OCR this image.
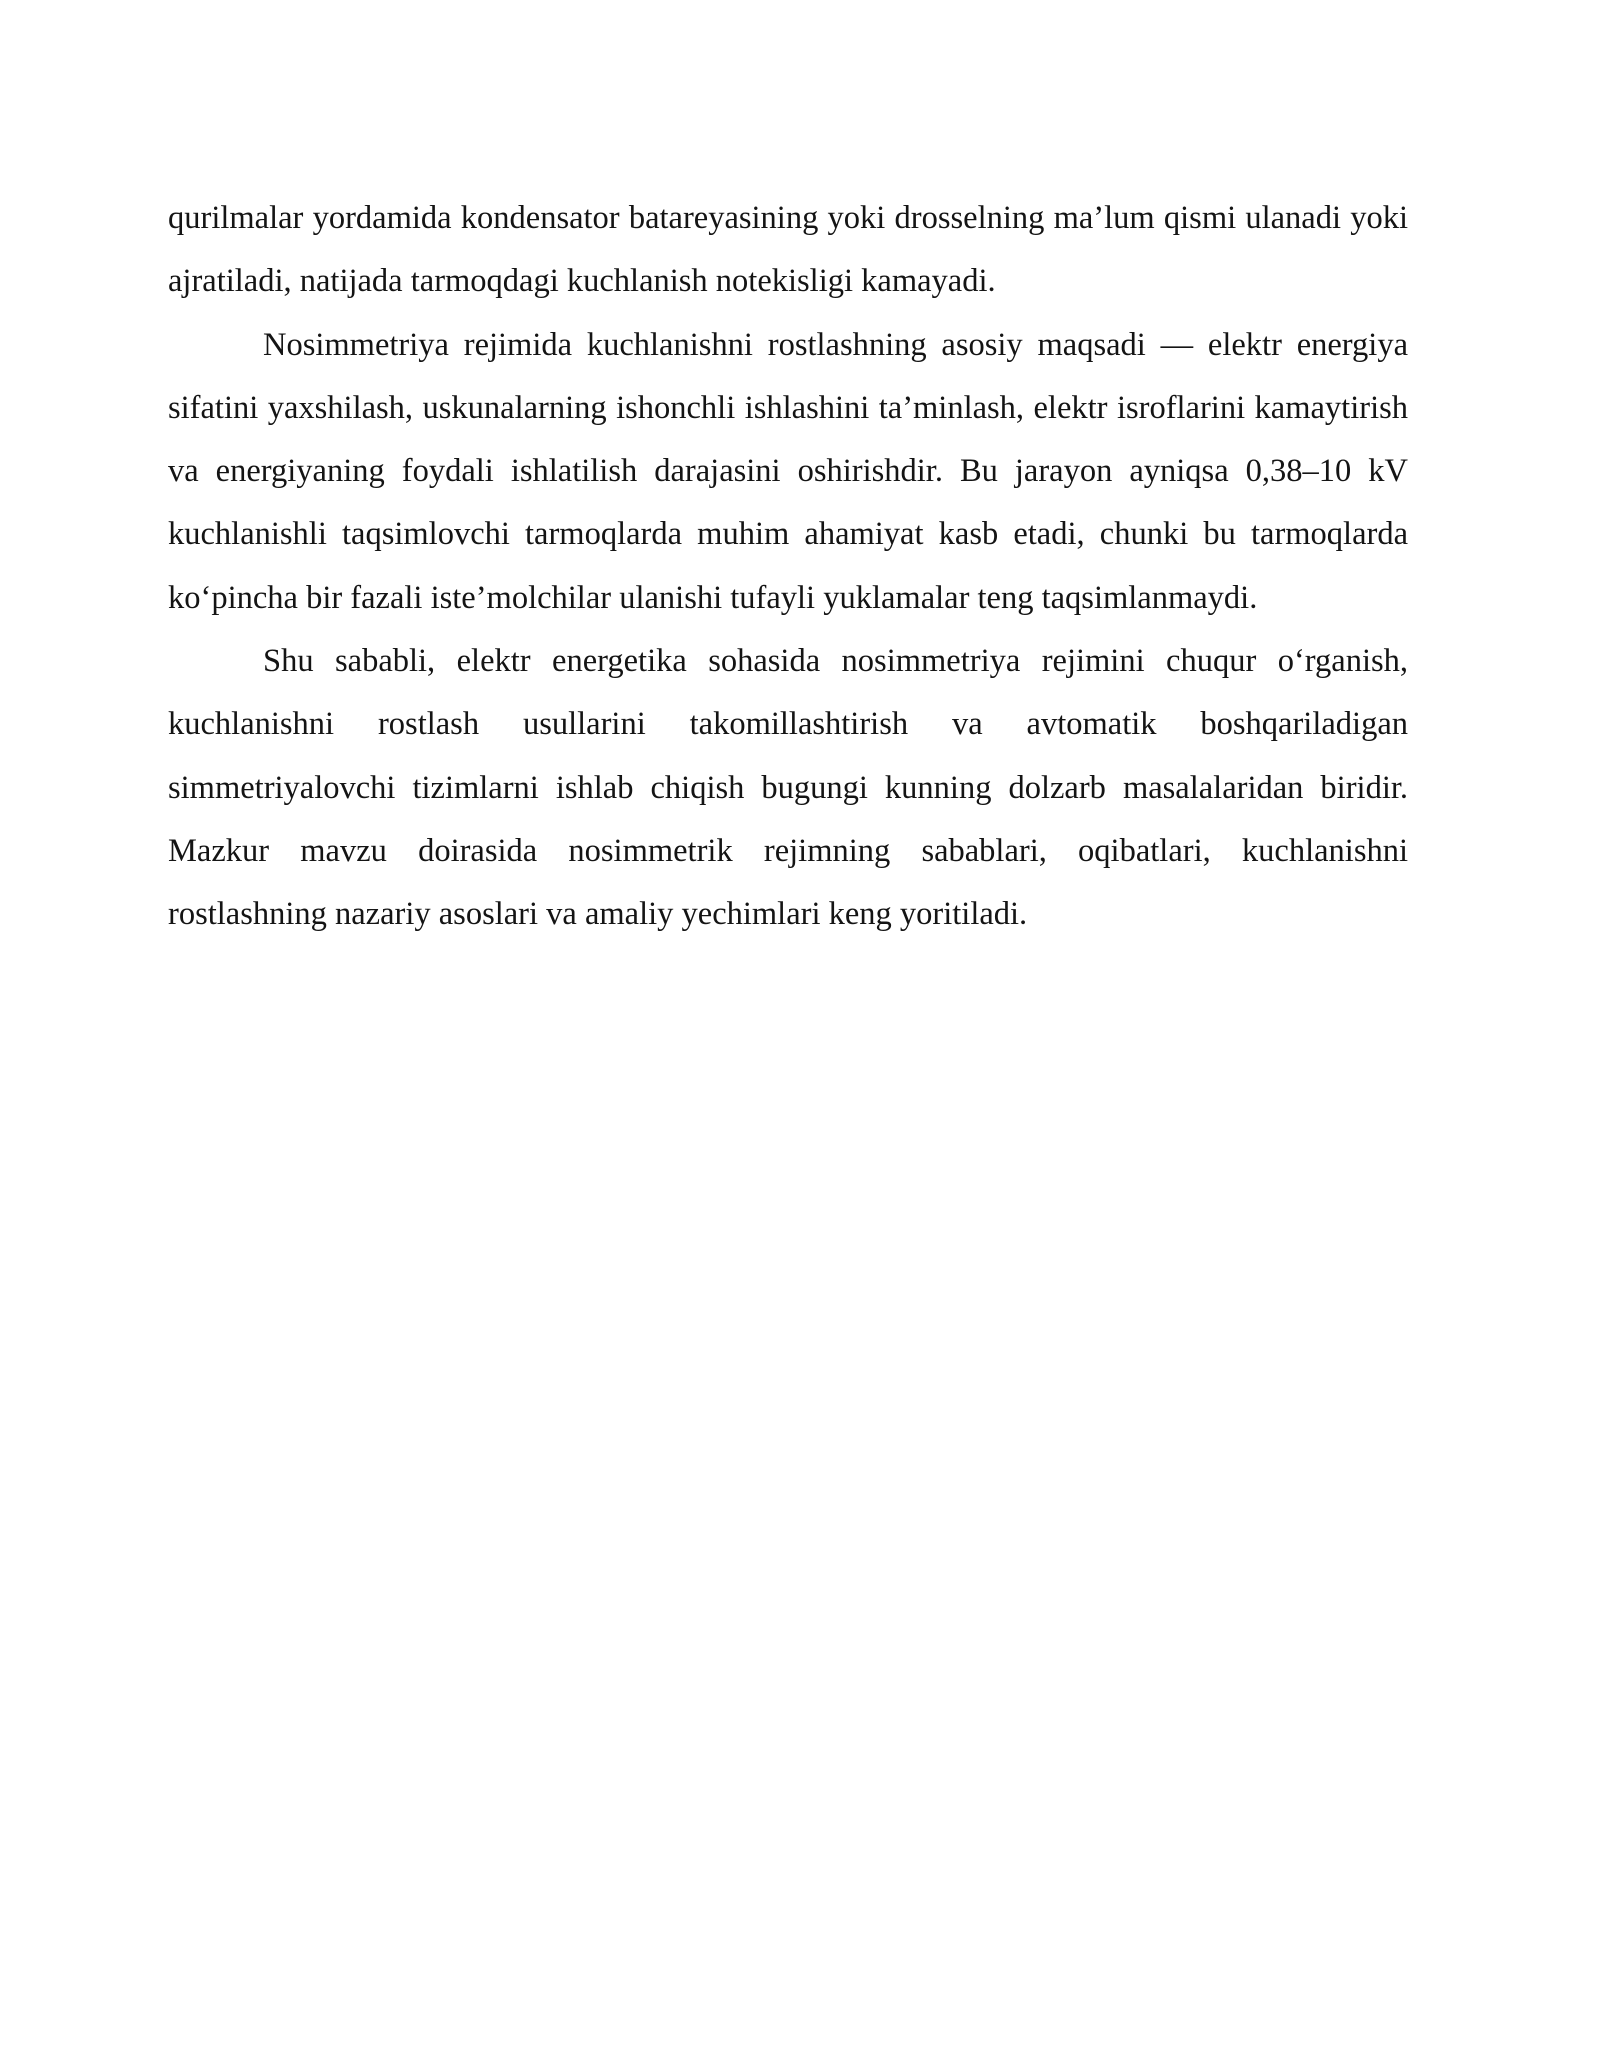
qurilmalar yordamida kondensator batareyasining yoki drosselning ma’lum qismi ulanadi yoki ajratiladi, natijada tarmoqdagi kuchlanish notekisligi kamayadi.

Nosimmetriya rejimida kuchlanishni rostlashning asosiy maqsadi — elektr energiya sifatini yaxshilash, uskunalarning ishonchli ishlashini ta’minlash, elektr isroflarini kamaytirish va energiyaning foydali ishlatilish darajasini oshirishdir. Bu jarayon ayniqsa 0,38–10 kV kuchlanishli taqsimlovchi tarmoqlarda muhim ahamiyat kasb etadi, chunki bu tarmoqlarda ko‘pincha bir fazali iste’molchilar ulanishi tufayli yuklamalar teng taqsimlanmaydi.

Shu sababli, elektr energetika sohasida nosimmetriya rejimini chuqur o‘rganish, kuchlanishni rostlash usullarini takomillashtirish va avtomatik boshqariladigan simmetriyalovchi tizimlarni ishlab chiqish bugungi kunning dolzarb masalalaridan biridir. Mazkur mavzu doirasida nosimmetrik rejimning sabablari, oqibatlari, kuchlanishni rostlashning nazariy asoslari va amaliy yechimlari keng yoritiladi.
